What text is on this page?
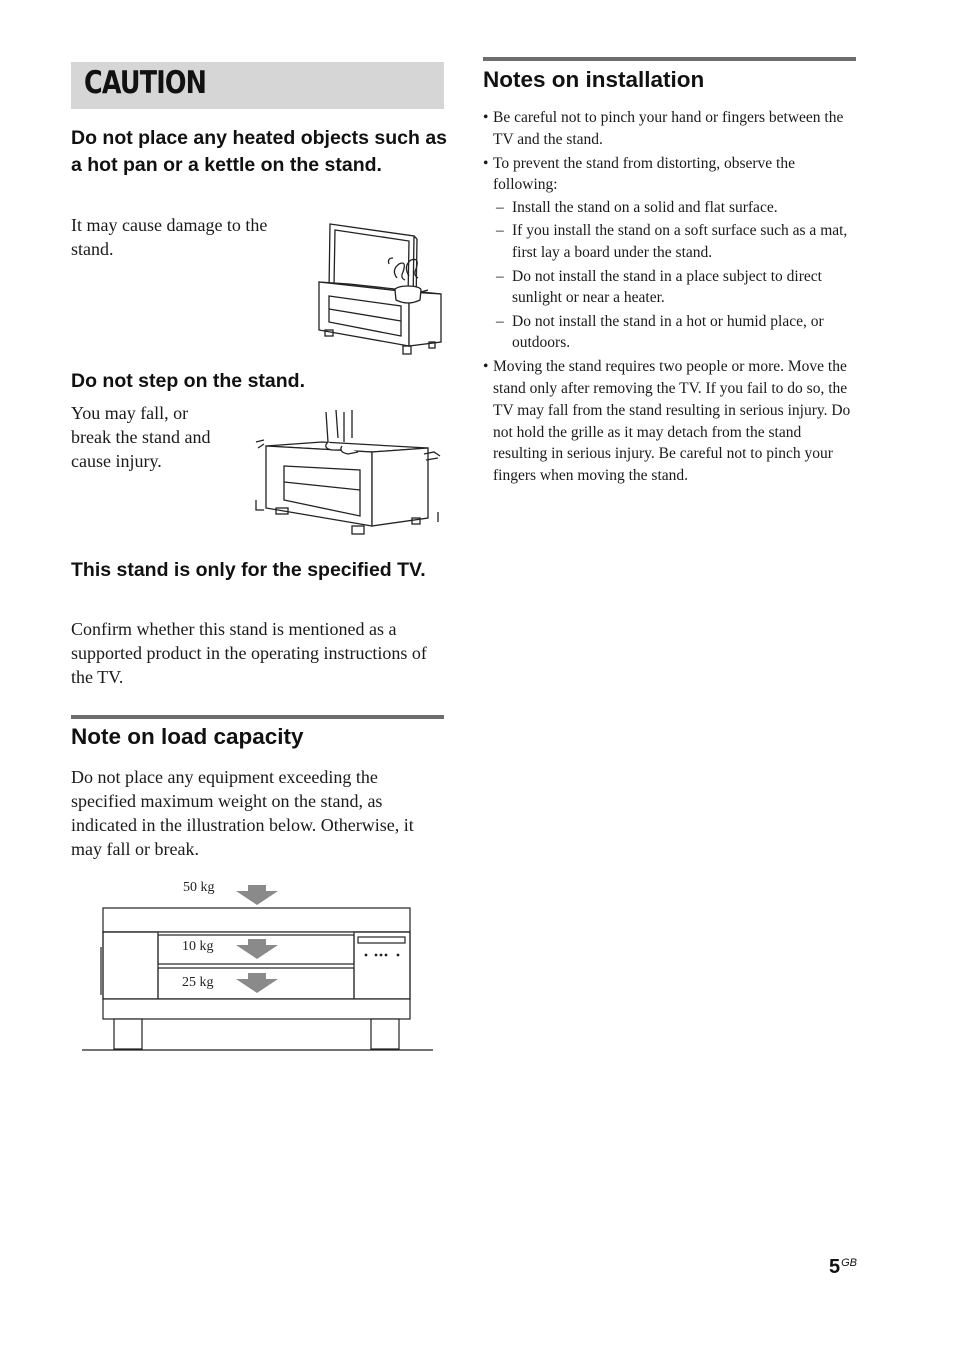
CAUTION
Do not place any heated objects such as a hot pan or a kettle on the stand.

It may cause damage to the stand.

Do not step on the stand.

You may fall, or break the stand and cause injury.

This stand is only for the specified TV.

Confirm whether this stand is mentioned as a supported product in the operating instructions of the TV.

Note on load capacity

Do not place any equipment exceeding the specified maximum weight on the stand, as indicated in the illustration below. Otherwise, it may fall or break.

50 kg
10 kg
25 kg
Notes on installation
• Be careful not to pinch your hand or fingers between the TV and the stand.
• To prevent the stand from distorting, observe the following:
– Install the stand on a solid and flat surface.
– If you install the stand on a soft surface such as a mat, first lay a board under the stand.
– Do not install the stand in a place subject to direct sunlight or near a heater.
– Do not install the stand in a hot or humid place, or outdoors.
• Moving the stand requires two people or more. Move the stand only after removing the TV. If you fail to do so, the TV may fall from the stand resulting in serious injury. Do not hold the grille as it may detach from the stand resulting in serious injury. Be careful not to pinch your fingers when moving the stand.
$5^{GB}$
